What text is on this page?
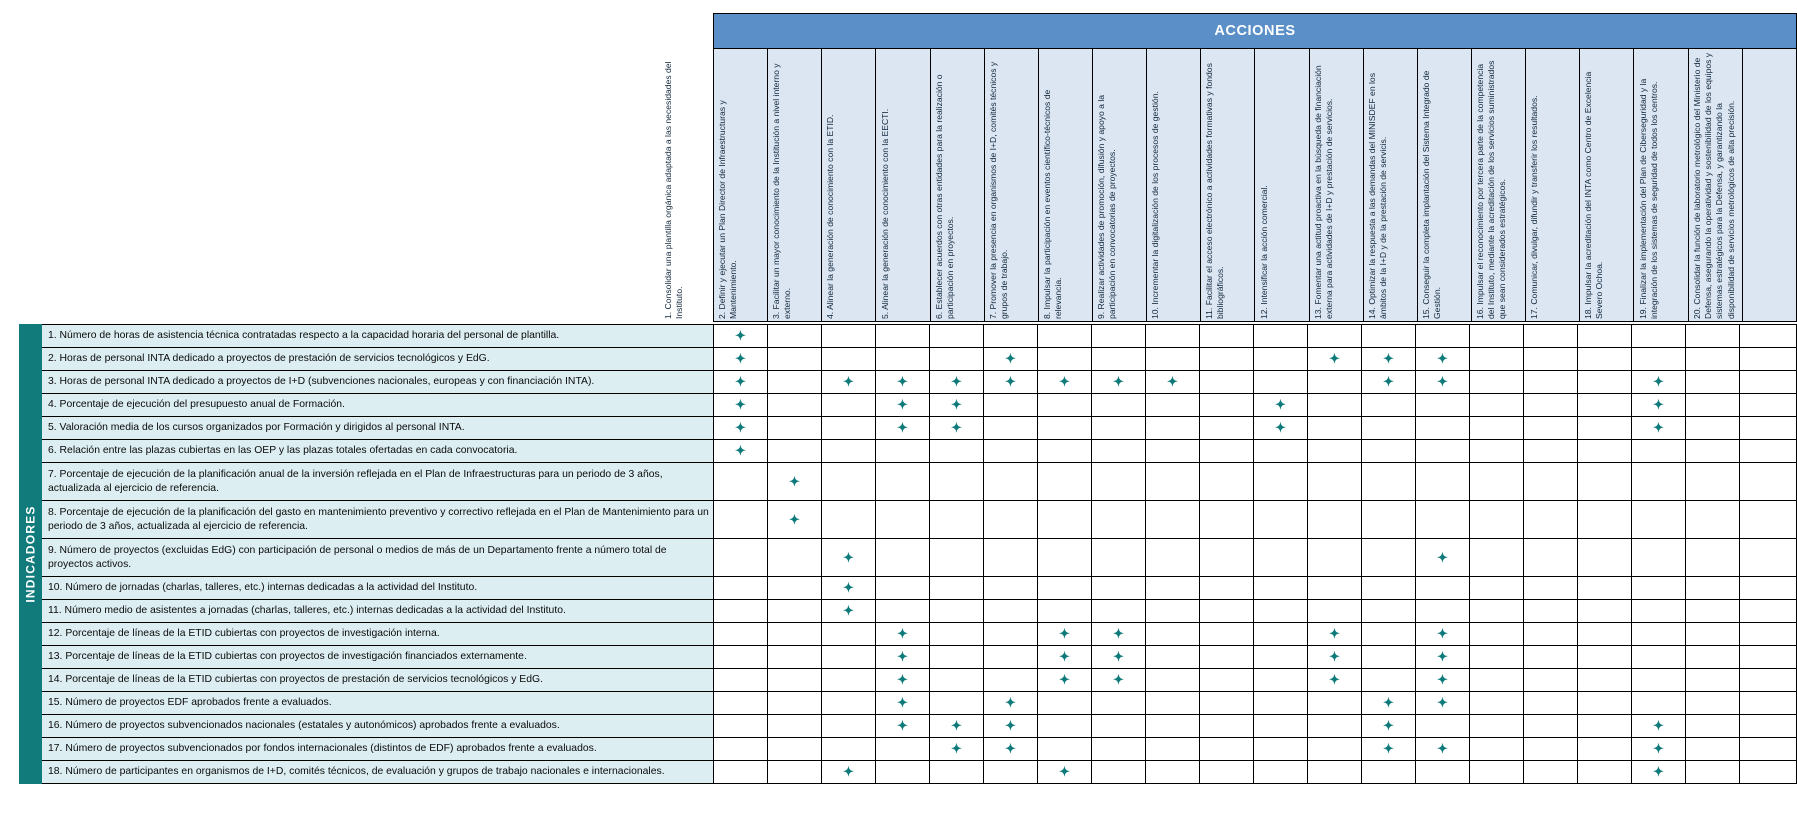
ACCIONES

1. Consolidar una plantilla orgánica adaptada a las necesidades del Instituto.	2. Definir y ejecutar un Plan Director de Infraestructuras y Mantenimiento.	3. Facilitar un mayor conocimiento de la Institución a nivel interno y externo.	4. Alinear la generación de conocimiento con la ETID.	5. Alinear la generación de conocimiento con la EECTI.	6. Establecer acuerdos con otras entidades para la realización o participación en proyectos.	7. Promover la presencia en organismos de I+D, comités técnicos y grupos de trabajo.	8. Impulsar la participación en eventos científico-técnicos de relevancia.	9. Realizar actividades de promoción, difusión y apoyo a la participación en convocatorias de proyectos.	10. Incrementar la digitalización de los procesos de gestión.	11. Facilitar el acceso electrónico a actividades formativas y fondos bibliográficos.	12. Intensificar la acción comercial.	13. Fomentar una actitud proactiva en la búsqueda de financiación externa para actividades de I+D y prestación de servicios.	14. Optimizar la respuesta a las demandas del MINISDEF en los ámbitos de la I+D y de la prestación de servicis.	15. Conseguir la completa implantación del Sistema Integrado de Gestión.	16. Impulsar el reconocimiento por tercera parte de la competencia del Instituto, mediante la acreditación de los servicios suministrados que sean considerados estratégicos.	17. Comunicar, divulgar, difundir y transferir los resultados.	18. Impulsar la acreditación del INTA como Centro de Excelencia Severo Ochoa.	19. Finalizar la implementación del Plan de Ciberseguridad y la integración de los sistemas de seguridad de todos los centros.	20. Consolidar la función de laboratorio metrológico del Ministerio de Defensa, asegurando la operatividad y sostenibilidad de los equipos y sistemas estratégicos para la Defensa, y garantizando la disponibilidad de servicios metrológicos de alta precisión.
INDICADORES	1. Número de horas de asistencia técnica contratadas respecto a la capacidad horaria del personal de plantilla.	✦																			
	2. Horas de personal INTA dedicado a proyectos de prestación de servicios tecnológicos y EdG.	✦					✦						✦	✦	✦						
	3. Horas de personal INTA dedicado a proyectos de I+D (subvenciones nacionales, europeas y con financiación INTA).	✦		✦	✦	✦	✦	✦	✦	✦				✦	✦				✦		
	4. Porcentaje de ejecución del presupuesto anual de Formación.	✦			✦	✦						✦							✦		
	5. Valoración media de los cursos organizados por Formación y dirigidos al personal INTA.	✦			✦	✦						✦							✦		
	6. Relación entre las plazas cubiertas en las OEP y las plazas totales ofertadas en cada convocatoria.	✦																			
	7. Porcentaje de ejecución de la planificación anual de la inversión reflejada en el Plan de Infraestructuras para un periodo de 3 años, actualizada al ejercicio de referencia.		✦																		
	8. Porcentaje de ejecución de la planificación del gasto en mantenimiento preventivo y correctivo reflejada en el Plan de Mantenimiento para un periodo de 3 años, actualizada al ejercicio de referencia.		✦																		
	9. Número de proyectos (excluidas EdG) con participación de personal o medios de más de un Departamento frente a número total de proyectos activos.			✦											✦						
	10. Número de jornadas (charlas, talleres, etc.) internas dedicadas a la actividad del Instituto.			✦																	
	11. Número medio de asistentes a jornadas (charlas, talleres, etc.) internas dedicadas a la actividad del Instituto.			✦																	
	12. Porcentaje de líneas de la ETID cubiertas con proyectos de investigación interna.				✦			✦	✦				✦		✦						
	13. Porcentaje de líneas de la ETID cubiertas con proyectos de investigación financiados externamente.				✦			✦	✦				✦		✦						
	14. Porcentaje de líneas de la ETID cubiertas con proyectos de prestación de servicios tecnológicos y EdG.				✦			✦	✦				✦		✦						
	15. Número de proyectos EDF aprobados frente a evaluados.				✦		✦							✦	✦						
	16. Número de proyectos subvencionados nacionales (estatales y autonómicos) aprobados frente a evaluados.				✦	✦	✦							✦					✦		
	17. Número de proyectos subvencionados por fondos internacionales (distintos de EDF) aprobados frente a evaluados.					✦	✦							✦	✦				✦		
	18. Número de participantes en organismos de I+D, comités técnicos, de evaluación y grupos de trabajo nacionales e internacionales.			✦				✦											✦		
